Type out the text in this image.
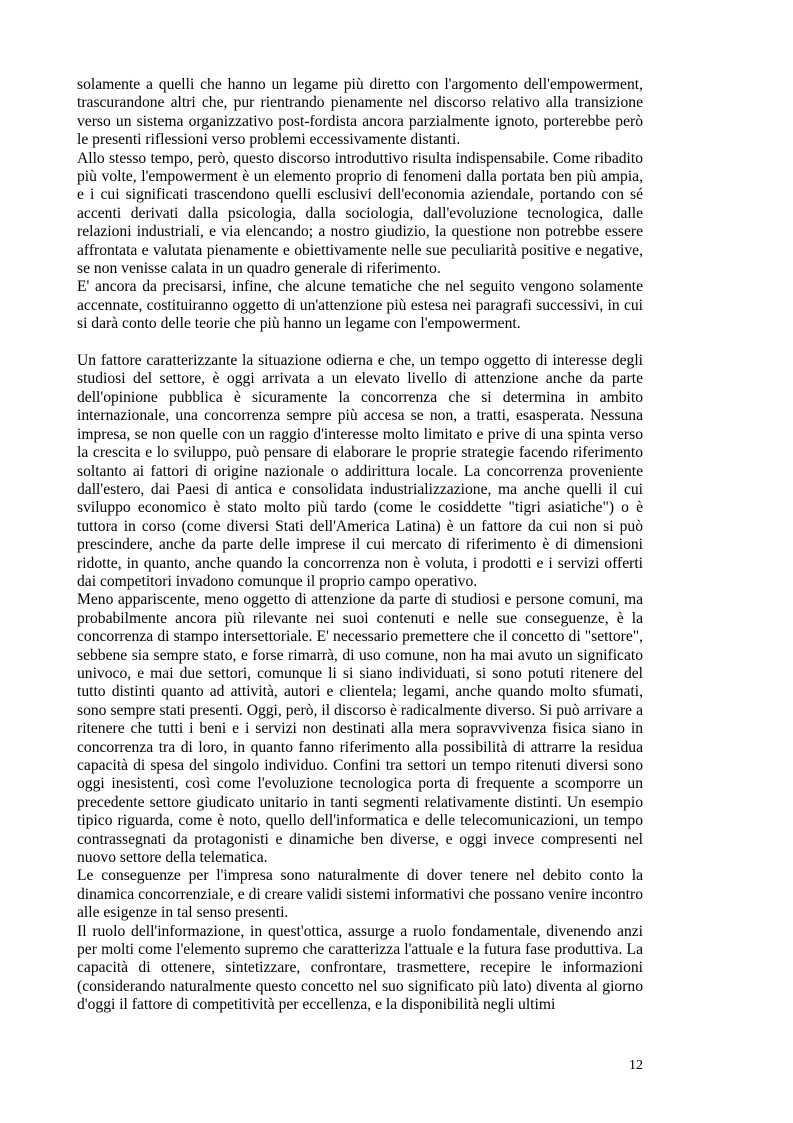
solamente a quelli che hanno un legame più diretto con l'argomento dell'empowerment, trascurandone altri che, pur rientrando pienamente nel discorso relativo alla transizione verso un sistema organizzativo post-fordista ancora parzialmente ignoto, porterebbe però le presenti riflessioni verso problemi eccessivamente distanti.

Allo stesso tempo, però, questo discorso introduttivo risulta indispensabile. Come ribadito più volte, l'empowerment è un elemento proprio di fenomeni dalla portata ben più ampia, e i cui significati trascendono quelli esclusivi dell'economia aziendale, portando con sé accenti derivati dalla psicologia, dalla sociologia, dall'evoluzione tecnologica, dalle relazioni industriali, e via elencando; a nostro giudizio, la questione non potrebbe essere affrontata e valutata pienamente e obiettivamente nelle sue peculiarità positive e negative, se non venisse calata in un quadro generale di riferimento.

E' ancora da precisarsi, infine, che alcune tematiche che nel seguito vengono solamente accennate, costituiranno oggetto di un'attenzione più estesa nei paragrafi successivi, in cui si darà conto delle teorie che più hanno un legame con l'empowerment.

Un fattore caratterizzante la situazione odierna e che, un tempo oggetto di interesse degli studiosi del settore, è oggi arrivata a un elevato livello di attenzione anche da parte dell'opinione pubblica è sicuramente la concorrenza che si determina in ambito internazionale, una concorrenza sempre più accesa se non, a tratti, esasperata. Nessuna impresa, se non quelle con un raggio d'interesse molto limitato e prive di una spinta verso la crescita e lo sviluppo, può pensare di elaborare le proprie strategie facendo riferimento soltanto ai fattori di origine nazionale o addirittura locale. La concorrenza proveniente dall'estero, dai Paesi di antica e consolidata industrializzazione, ma anche quelli il cui sviluppo economico è stato molto più tardo (come le cosiddette "tigri asiatiche") o è tuttora in corso (come diversi Stati dell'America Latina) è un fattore da cui non si può prescindere, anche da parte delle imprese il cui mercato di riferimento è di dimensioni ridotte, in quanto, anche quando la concorrenza non è voluta, i prodotti e i servizi offerti dai competitori invadono comunque il proprio campo operativo.

Meno appariscente, meno oggetto di attenzione da parte di studiosi e persone comuni, ma probabilmente ancora più rilevante nei suoi contenuti e nelle sue conseguenze, è la concorrenza di stampo intersettoriale. E' necessario premettere che il concetto di "settore", sebbene sia sempre stato, e forse rimarrà, di uso comune, non ha mai avuto un significato univoco, e mai due settori, comunque li si siano individuati, si sono potuti ritenere del tutto distinti quanto ad attività, autori e clientela; legami, anche quando molto sfumati, sono sempre stati presenti. Oggi, però, il discorso è radicalmente diverso. Si può arrivare a ritenere che tutti i beni e i servizi non destinati alla mera sopravvivenza fisica siano in concorrenza tra di loro, in quanto fanno riferimento alla possibilità di attrarre la residua capacità di spesa del singolo individuo. Confini tra settori un tempo ritenuti diversi sono oggi inesistenti, così come l'evoluzione tecnologica porta di frequente a scomporre un precedente settore giudicato unitario in tanti segmenti relativamente distinti. Un esempio tipico riguarda, come è noto, quello dell'informatica e delle telecomunicazioni, un tempo contrassegnati da protagonisti e dinamiche ben diverse, e oggi invece compresenti nel nuovo settore della telematica.

Le conseguenze per l'impresa sono naturalmente di dover tenere nel debito conto la dinamica concorrenziale, e di creare validi sistemi informativi che possano venire incontro alle esigenze in tal senso presenti.

Il ruolo dell'informazione, in quest'ottica, assurge a ruolo fondamentale, divenendo anzi per molti come l'elemento supremo che caratterizza l'attuale e la futura fase produttiva. La capacità di ottenere, sintetizzare, confrontare, trasmettere, recepire le informazioni (considerando naturalmente questo concetto nel suo significato più lato) diventa al giorno d'oggi il fattore di competitività per eccellenza, e la disponibilità negli ultimi

12
